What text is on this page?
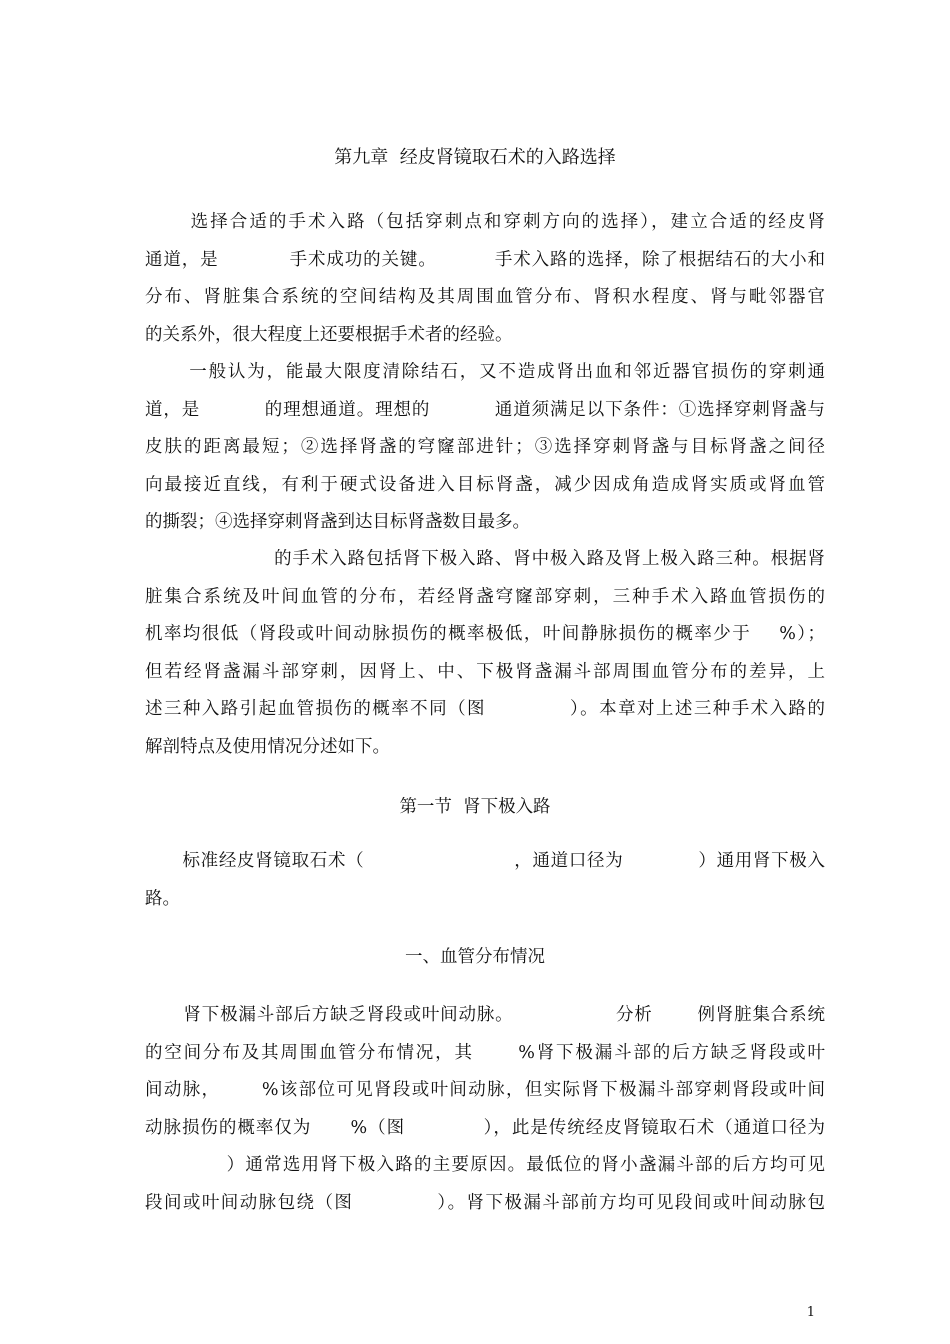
第九章  经皮肾镜取石术的入路选择
选择合适的手术入路（包括穿刺点和穿刺方向的选择），建立合适的经皮肾
通道，是           手术成功的关键。         手术入路的选择，除了根据结石的大小和
分布、肾脏集合系统的空间结构及其周围血管分布、肾积水程度、肾与毗邻器官
的关系外，很大程度上还要根据手术者的经验。
一般认为，能最大限度清除结石，又不造成肾出血和邻近器官损伤的穿刺通
道，是          的理想通道。理想的          通道须满足以下条件：①选择穿刺肾盏与
皮肤的距离最短；②选择肾盏的穹窿部进针；③选择穿刺肾盏与目标肾盏之间径
向最接近直线，有利于硬式设备进入目标肾盏，减少因成角造成肾实质或肾血管
的撕裂；④选择穿刺肾盏到达目标肾盏数目最多。
的手术入路包括肾下极入路、肾中极入路及肾上极入路三种。根据肾
脏集合系统及叶间血管的分布，若经肾盏穹窿部穿刺，三种手术入路血管损伤的
机率均很低（肾段或叶间动脉损伤的概率极低，叶间静脉损伤的概率少于    %）；
但若经肾盏漏斗部穿刺，因肾上、中、下极肾盏漏斗部周围血管分布的差异，上
述三种入路引起血管损伤的概率不同（图            ）。本章对上述三种手术入路的
解剖特点及使用情况分述如下。
第一节  肾下极入路
标准经皮肾镜取石术（                        ，通道口径为            ）通用肾下极入
路。
一、血管分布情况
肾下极漏斗部后方缺乏肾段或叶间动脉。                分析       例肾脏集合系统
的空间分布及其周围血管分布情况，其      %肾下极漏斗部的后方缺乏肾段或叶
间动脉，      %该部位可见肾段或叶间动脉，但实际肾下极漏斗部穿刺肾段或叶间
动脉损伤的概率仅为      %（图            ），此是传统经皮肾镜取石术（通道口径为
）通常选用肾下极入路的主要原因。最低位的肾小盏漏斗部的后方均可见
段间或叶间动脉包绕（图            ）。肾下极漏斗部前方均可见段间或叶间动脉包
1
